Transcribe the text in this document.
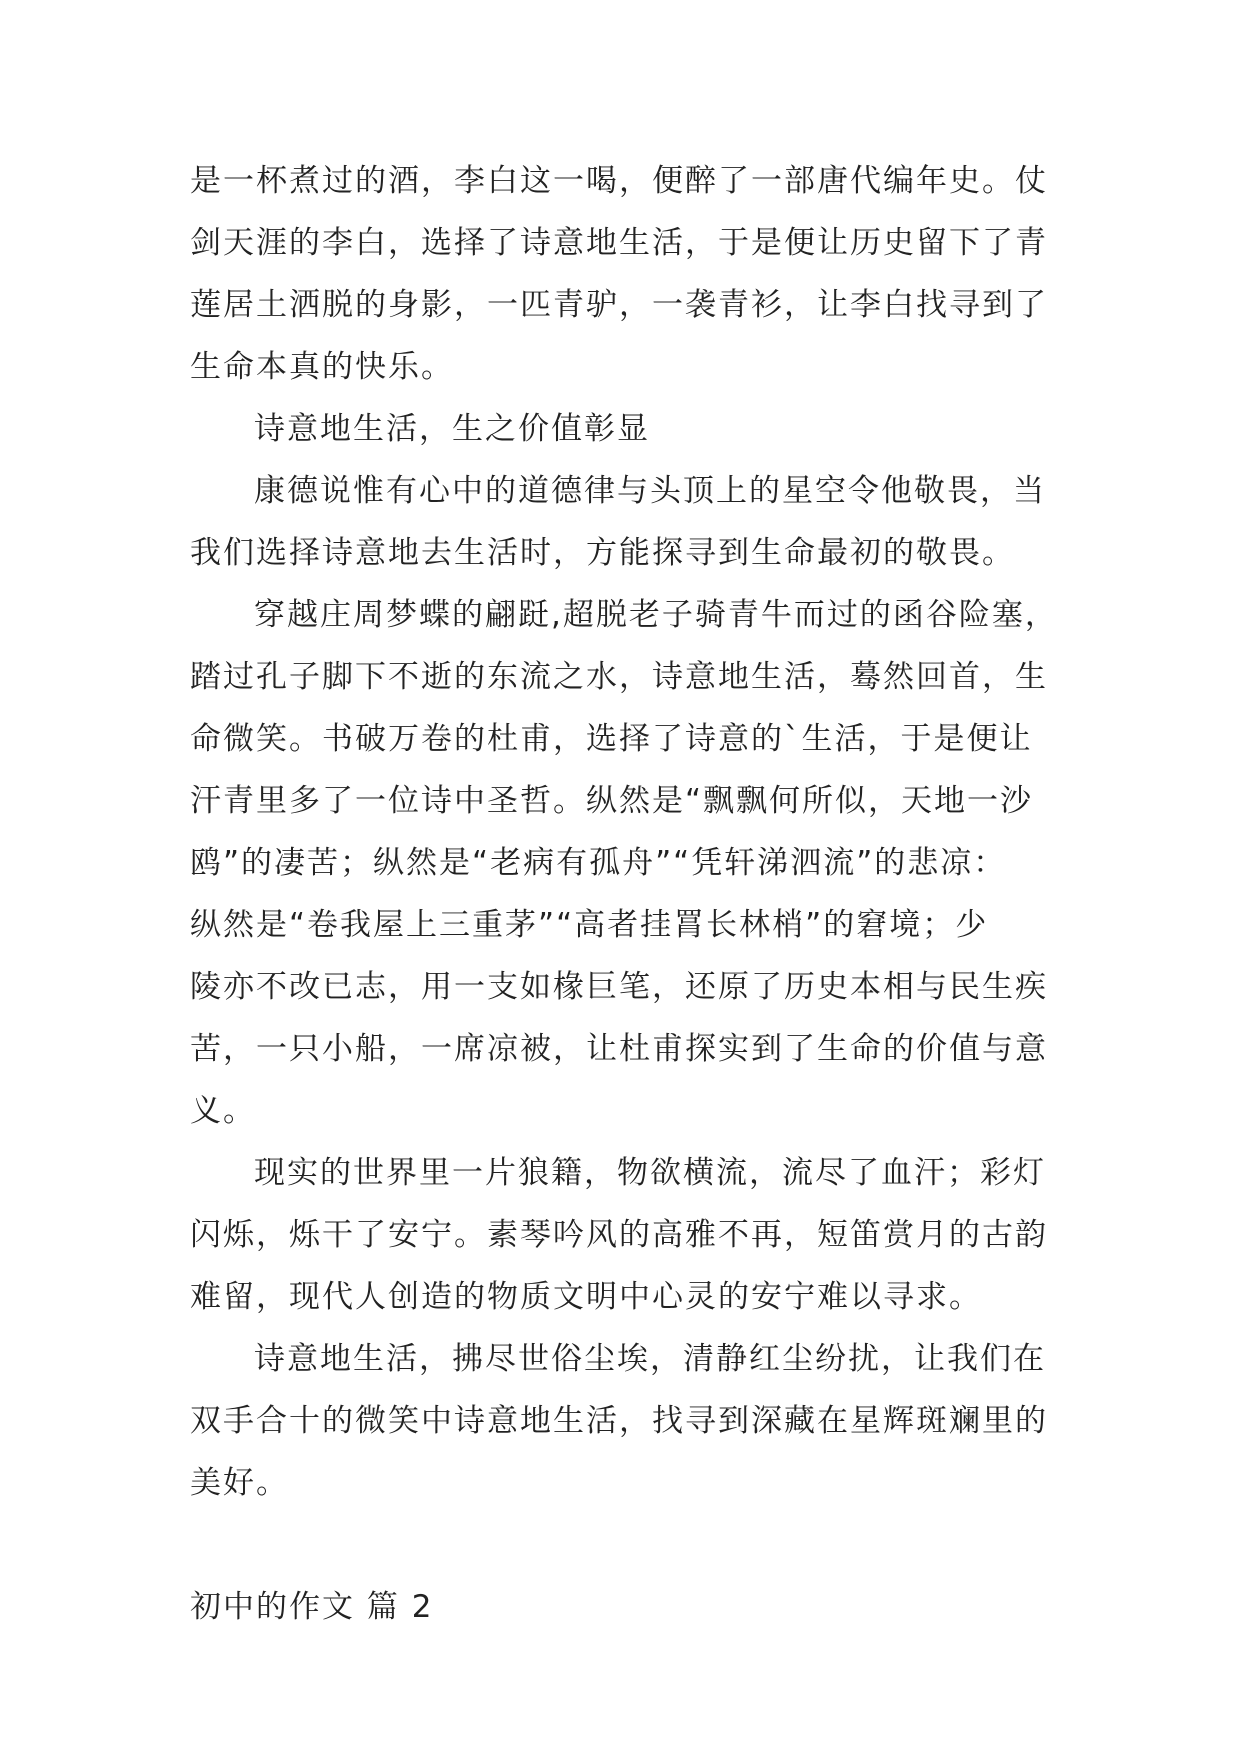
是一杯煮过的酒，李白这一喝，便醉了一部唐代编年史。仗
剑天涯的李白，选择了诗意地生活，于是便让历史留下了青
莲居土洒脱的身影，一匹青驴，一袭青衫，让李白找寻到了
生命本真的快乐。
诗意地生活，生之价值彰显
康德说惟有心中的道德律与头顶上的星空令他敬畏，当
我们选择诗意地去生活时，方能探寻到生命最初的敬畏。
穿越庄周梦蝶的翩跹,超脱老子骑青牛而过的函谷险塞，
踏过孔子脚下不逝的东流之水，诗意地生活，蓦然回首，生
命微笑。书破万卷的杜甫，选择了诗意的`生活，于是便让
汗青里多了一位诗中圣哲。纵然是“飘飘何所似，天地一沙
鸥”的凄苦；纵然是“老病有孤舟”“凭轩涕泗流”的悲凉：
纵然是“卷我屋上三重茅”“高者挂罥长林梢”的窘境；少
陵亦不改已志，用一支如椽巨笔，还原了历史本相与民生疾
苦，一只小船，一席凉被，让杜甫探实到了生命的价值与意
义。
现实的世界里一片狼籍，物欲横流，流尽了血汗；彩灯
闪烁，烁干了安宁。素琴吟风的高雅不再，短笛赏月的古韵
难留，现代人创造的物质文明中心灵的安宁难以寻求。
诗意地生活，拂尽世俗尘埃，清静红尘纷扰，让我们在
双手合十的微笑中诗意地生活，找寻到深藏在星辉斑斓里的
美好。
初中的作文 篇 2
